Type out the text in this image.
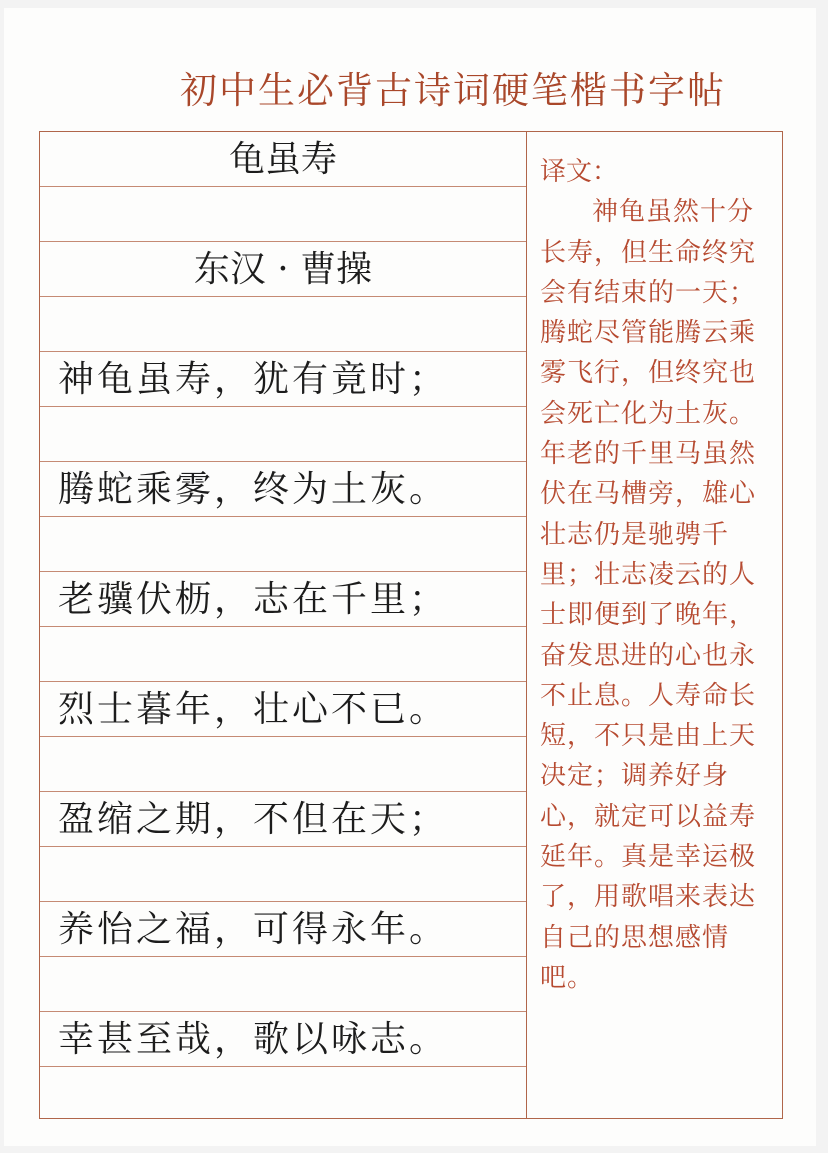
初中生必背古诗词硬笔楷书字帖
龟虽寿
东汉 · 曹操
神龟虽寿，犹有竟时；
腾蛇乘雾，终为土灰。
老骥伏枥，志在千里；
烈士暮年，壮心不已。
盈缩之期，不但在天；
养怡之福，可得永年。
幸甚至哉，歌以咏志。
译文：
神龟虽然十分长寿，但生命终究会有结束的一天；腾蛇尽管能腾云乘雾飞行，但终究也会死亡化为土灰。年老的千里马虽然伏在马槽旁，雄心壮志仍是驰骋千里；壮志凌云的人士即便到了晚年，奋发思进的心也永不止息。人寿命长短，不只是由上天决定；调养好身心，就定可以益寿延年。真是幸运极了，用歌唱来表达自己的思想感情吧。
